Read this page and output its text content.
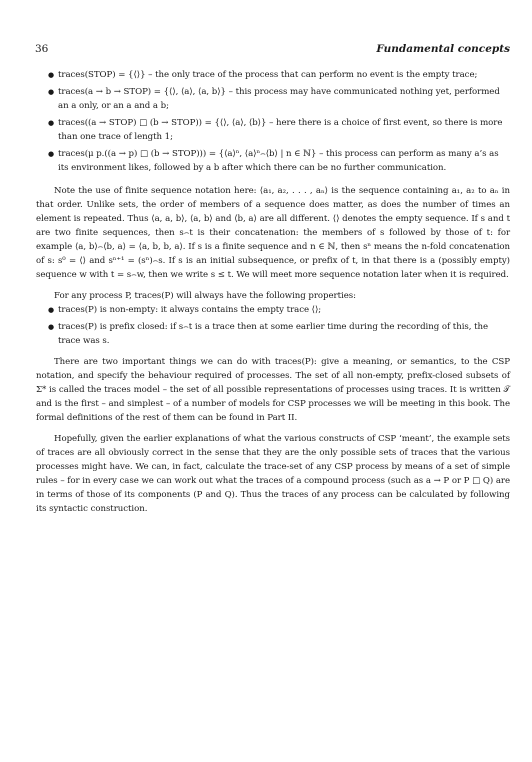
36	Fundamental concepts
● traces(STOP) = {⟨⟩} – the only trace of the process that can perform no event is the empty trace;
● traces(a → b → STOP) = {⟨⟩, ⟨a⟩, ⟨a, b⟩} – this process may have communicated nothing yet, performed an a only, or an a and a b;
● traces((a → STOP) □ (b → STOP)) = {⟨⟩, ⟨a⟩, ⟨b⟩} – here there is a choice of first event, so there is more than one trace of length 1;
● traces(μ p.((a → p) □ (b → STOP))) = {⟨a⟩ⁿ, ⟨a⟩ⁿ⌢⟨b⟩ | n ∈ ℕ} – this process can perform as many a’s as its environment likes, followed by a b after which there can be no further communication.

Note the use of finite sequence notation here: ⟨a₁, a₂, . . . , aₙ⟩ is the sequence containing a₁, a₂ to aₙ in that order. Unlike sets, the order of members of a sequence does matter, as does the number of times an element is repeated. Thus ⟨a, a, b⟩, ⟨a, b⟩ and ⟨b, a⟩ are all different. ⟨⟩ denotes the empty sequence. If s and t are two finite sequences, then s⌢t is their concatenation: the members of s followed by those of t: for example ⟨a, b⟩⌢⟨b, a⟩ = ⟨a, b, b, a⟩. If s is a finite sequence and n ∈ ℕ, then sⁿ means the n-fold concatenation of s: s⁰ = ⟨⟩ and sⁿ⁺¹ = (sⁿ)⌢s. If s is an initial subsequence, or prefix of t, in that there is a (possibly empty) sequence w with t = s⌢w, then we write s ≤ t. We will meet more sequence notation later when it is required.

For any process P, traces(P) will always have the following properties:

● traces(P) is non-empty: it always contains the empty trace ⟨⟩;
● traces(P) is prefix closed: if s⌢t is a trace then at some earlier time during the recording of this, the trace was s.

There are two important things we can do with traces(P): give a meaning, or semantics, to the CSP notation, and specify the behaviour required of processes. The set of all non-empty, prefix-closed subsets of Σ* is called the traces model – the set of all possible representations of processes using traces. It is written 𝒯 and is the first – and simplest – of a number of models for CSP processes we will be meeting in this book. The formal definitions of the rest of them can be found in Part II.

Hopefully, given the earlier explanations of what the various constructs of CSP ‘meant’, the example sets of traces are all obviously correct in the sense that they are the only possible sets of traces that the various processes might have. We can, in fact, calculate the trace-set of any CSP process by means of a set of simple rules – for in every case we can work out what the traces of a compound process (such as a → P or P □ Q) are in terms of those of its components (P and Q). Thus the traces of any process can be calculated by following its syntactic construction.
